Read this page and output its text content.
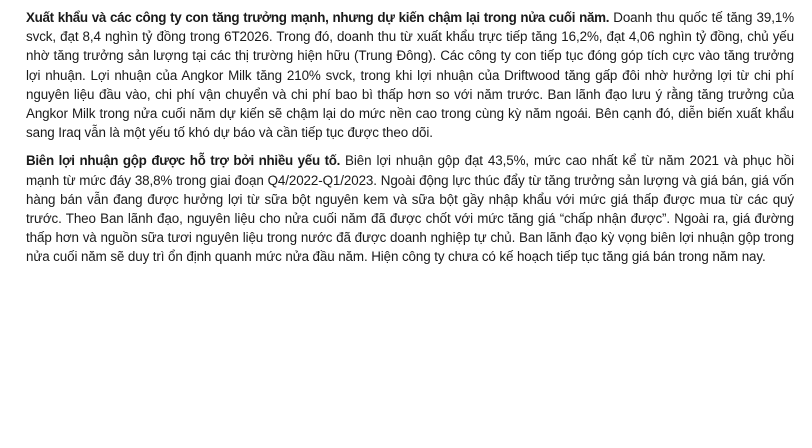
Xuất khẩu và các công ty con tăng trưởng mạnh, nhưng dự kiến chậm lại trong nửa cuối năm. Doanh thu quốc tế tăng 39,1% svck, đạt 8,4 nghìn tỷ đồng trong 6T2026. Trong đó, doanh thu từ xuất khẩu trực tiếp tăng 16,2%, đạt 4,06 nghìn tỷ đồng, chủ yếu nhờ tăng trưởng sản lượng tại các thị trường hiện hữu (Trung Đông). Các công ty con tiếp tục đóng góp tích cực vào tăng trưởng lợi nhuận. Lợi nhuận của Angkor Milk tăng 210% svck, trong khi lợi nhuận của Driftwood tăng gấp đôi nhờ hưởng lợi từ chi phí nguyên liệu đầu vào, chi phí vận chuyển và chi phí bao bì thấp hơn so với năm trước. Ban lãnh đạo lưu ý rằng tăng trưởng của Angkor Milk trong nửa cuối năm dự kiến sẽ chậm lại do mức nền cao trong cùng kỳ năm ngoái. Bên cạnh đó, diễn biến xuất khẩu sang Iraq vẫn là một yếu tố khó dự báo và cần tiếp tục được theo dõi.

Biên lợi nhuận gộp được hỗ trợ bởi nhiều yếu tố. Biên lợi nhuận gộp đạt 43,5%, mức cao nhất kể từ năm 2021 và phục hồi mạnh từ mức đáy 38,8% trong giai đoạn Q4/2022-Q1/2023. Ngoài động lực thúc đẩy từ tăng trưởng sản lượng và giá bán, giá vốn hàng bán vẫn đang được hưởng lợi từ sữa bột nguyên kem và sữa bột gầy nhập khẩu với mức giá thấp được mua từ các quý trước. Theo Ban lãnh đạo, nguyên liệu cho nửa cuối năm đã được chốt với mức tăng giá “chấp nhận được”. Ngoài ra, giá đường thấp hơn và nguồn sữa tươi nguyên liệu trong nước đã được doanh nghiệp tự chủ. Ban lãnh đạo kỳ vọng biên lợi nhuận gộp trong nửa cuối năm sẽ duy trì ổn định quanh mức nửa đầu năm. Hiện công ty chưa có kế hoạch tiếp tục tăng giá bán trong năm nay.
